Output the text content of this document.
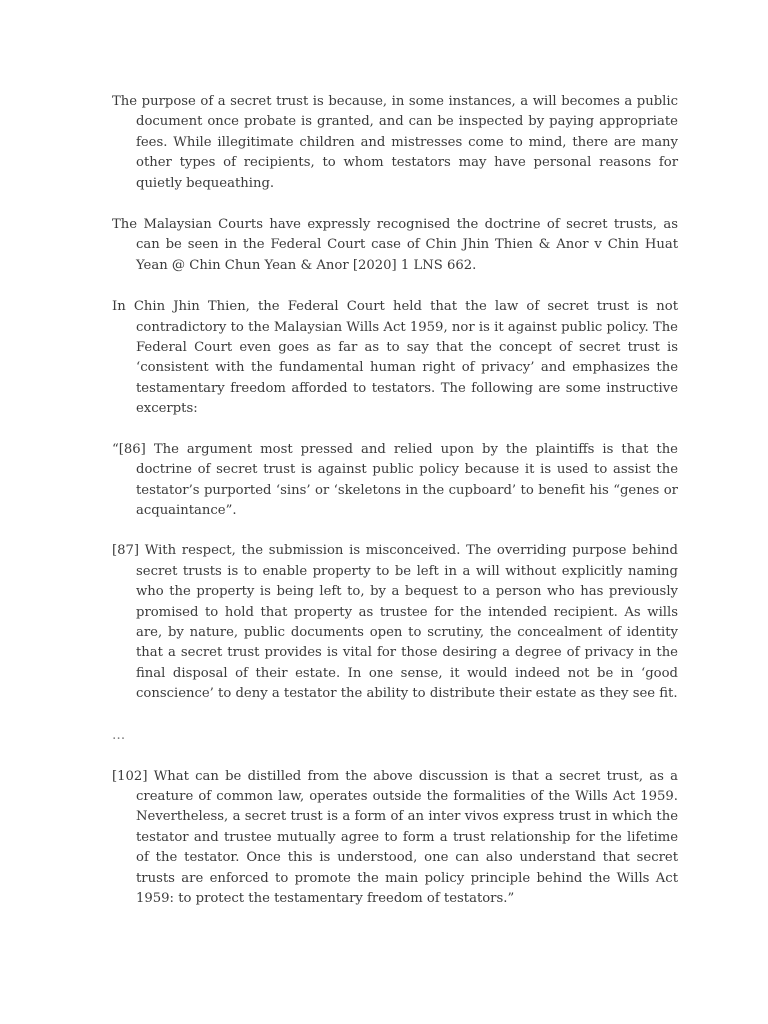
The purpose of a secret trust is because, in some instances, a will becomes a public document once probate is granted, and can be inspected by paying appropriate fees. While illegitimate children and mistresses come to mind, there are many other types of recipients, to whom testators may have personal reasons for quietly bequeathing.

The Malaysian Courts have expressly recognised the doctrine of secret trusts, as can be seen in the Federal Court case of Chin Jhin Thien & Anor v Chin Huat Yean @ Chin Chun Yean & Anor [2020] 1 LNS 662.

In Chin Jhin Thien, the Federal Court held that the law of secret trust is not contradictory to the Malaysian Wills Act 1959, nor is it against public policy. The Federal Court even goes as far as to say that the concept of secret trust is ‘consistent with the fundamental human right of privacy’ and emphasizes the testamentary freedom afforded to testators. The following are some instructive excerpts:

“[86] The argument most pressed and relied upon by the plaintiffs is that the doctrine of secret trust is against public policy because it is used to assist the testator’s purported ‘sins’ or ‘skeletons in the cupboard’ to benefit his “genes or acquaintance”.

[87] With respect, the submission is misconceived. The overriding purpose behind secret trusts is to enable property to be left in a will without explicitly naming who the property is being left to, by a bequest to a person who has previously promised to hold that property as trustee for the intended recipient. As wills are, by nature, public documents open to scrutiny, the concealment of identity that a secret trust provides is vital for those desiring a degree of privacy in the final disposal of their estate. In one sense, it would indeed not be in ‘good conscience’ to deny a testator the ability to distribute their estate as they see fit.

…

[102] What can be distilled from the above discussion is that a secret trust, as a creature of common law, operates outside the formalities of the Wills Act 1959. Nevertheless, a secret trust is a form of an inter vivos express trust in which the testator and trustee mutually agree to form a trust relationship for the lifetime of the testator. Once this is understood, one can also understand that secret trusts are enforced to promote the main policy principle behind the Wills Act 1959: to protect the testamentary freedom of testators.”
